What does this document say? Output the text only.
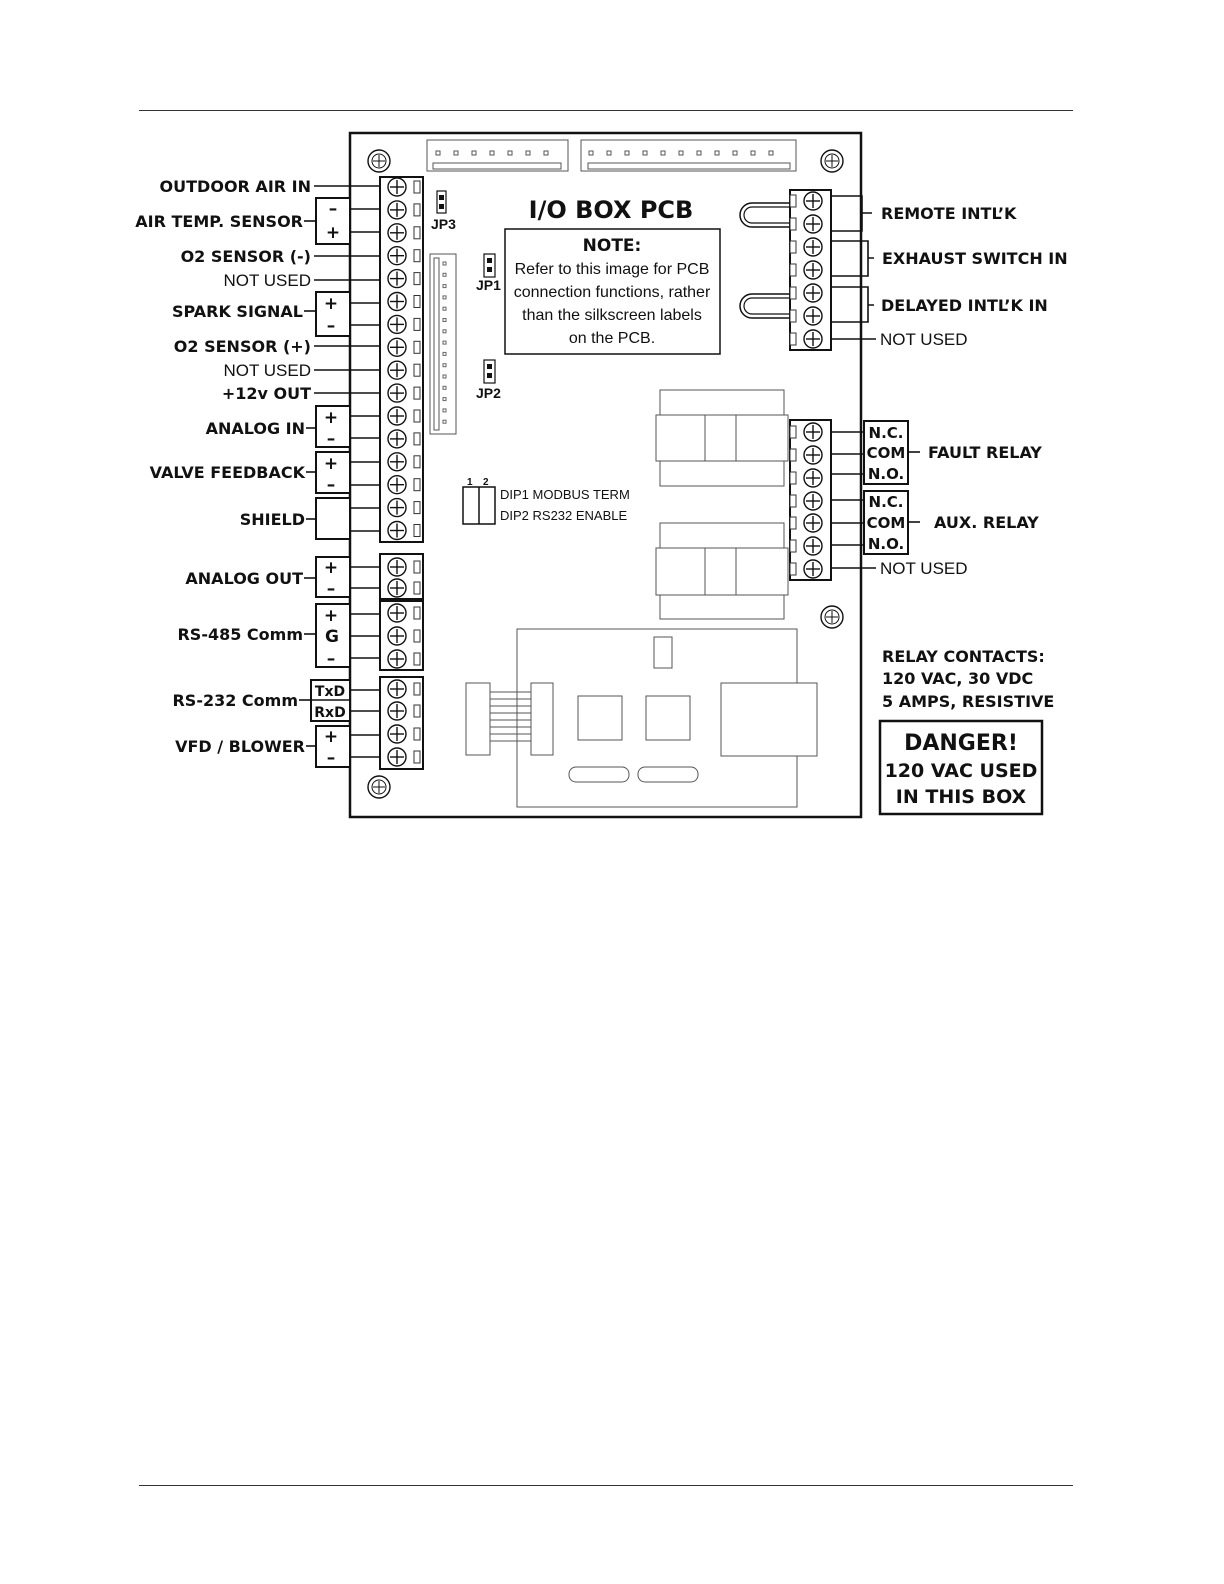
JP3
JP1
JP2
I/O BOX PCB
NOTE:
Refer to this image for PCB
connection functions, rather
than the silkscreen labels
on the PCB.
1 2
DIP1 MODBUS TERM
DIP2 RS232 ENABLE
OUTDOOR AIR IN
AIR TEMP. SENSOR
O2 SENSOR (-)
NOT USED
SPARK SIGNAL
O2 SENSOR (+)
NOT USED
+12v OUT
ANALOG IN
VALVE FEEDBACK
SHIELD
ANALOG OUT
RS-485 Comm
RS-232 Comm
VFD / BLOWER
–
+
+
–
+
–
+
–
+
–
+
G
–
TxD
RxD
+
–
REMOTE INTL’K
EXHAUST SWITCH IN
DELAYED INTL’K IN
NOT USED
N.C.
COM
N.O.
FAULT RELAY
N.C.
COM
N.O.
AUX. RELAY
NOT USED
RELAY CONTACTS:
120 VAC, 30 VDC
5 AMPS, RESISTIVE
DANGER!
120 VAC USED
IN THIS BOX
